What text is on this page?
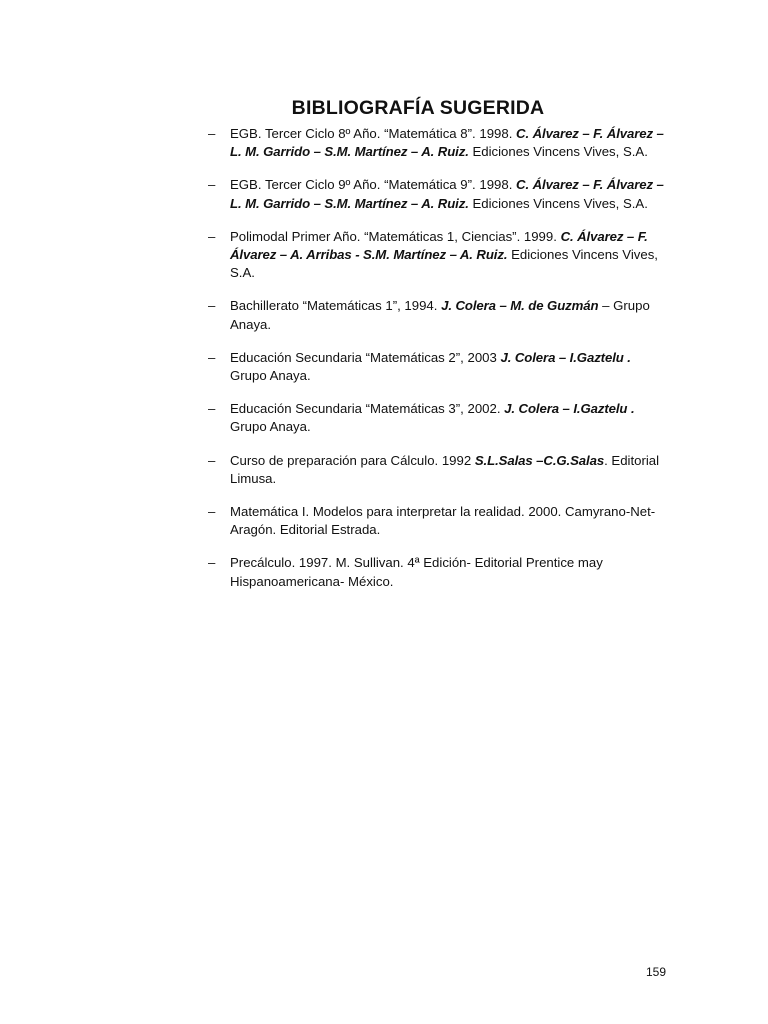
BIBLIOGRAFÍA SUGERIDA
– EGB. Tercer Ciclo 8º Año. “Matemática 8”. 1998. C. Álvarez – F. Álvarez – L. M. Garrido – S.M. Martínez – A. Ruiz. Ediciones Vincens Vives, S.A.
– EGB. Tercer Ciclo 9º Año. “Matemática 9”. 1998. C. Álvarez – F. Álvarez – L. M. Garrido – S.M. Martínez – A. Ruiz. Ediciones Vincens Vives, S.A.
– Polimodal Primer Año. “Matemáticas 1, Ciencias”. 1999. C. Álvarez – F. Álvarez – A. Arribas - S.M. Martínez – A. Ruiz. Ediciones Vincens Vives, S.A.
– Bachillerato “Matemáticas 1”, 1994. J. Colera – M. de Guzmán – Grupo Anaya.
– Educación Secundaria “Matemáticas 2”, 2003 J. Colera – I.Gaztelu . Grupo Anaya.
– Educación Secundaria “Matemáticas 3”, 2002. J. Colera – I.Gaztelu . Grupo Anaya.
– Curso de preparación para Cálculo. 1992 S.L.Salas –C.G.Salas. Editorial Limusa.
– Matemática I. Modelos para interpretar la realidad. 2000. Camyrano-Net-Aragón. Editorial Estrada.
– Precálculo. 1997. M. Sullivan. 4ª Edición- Editorial Prentice may Hispanoamericana- México.
159
